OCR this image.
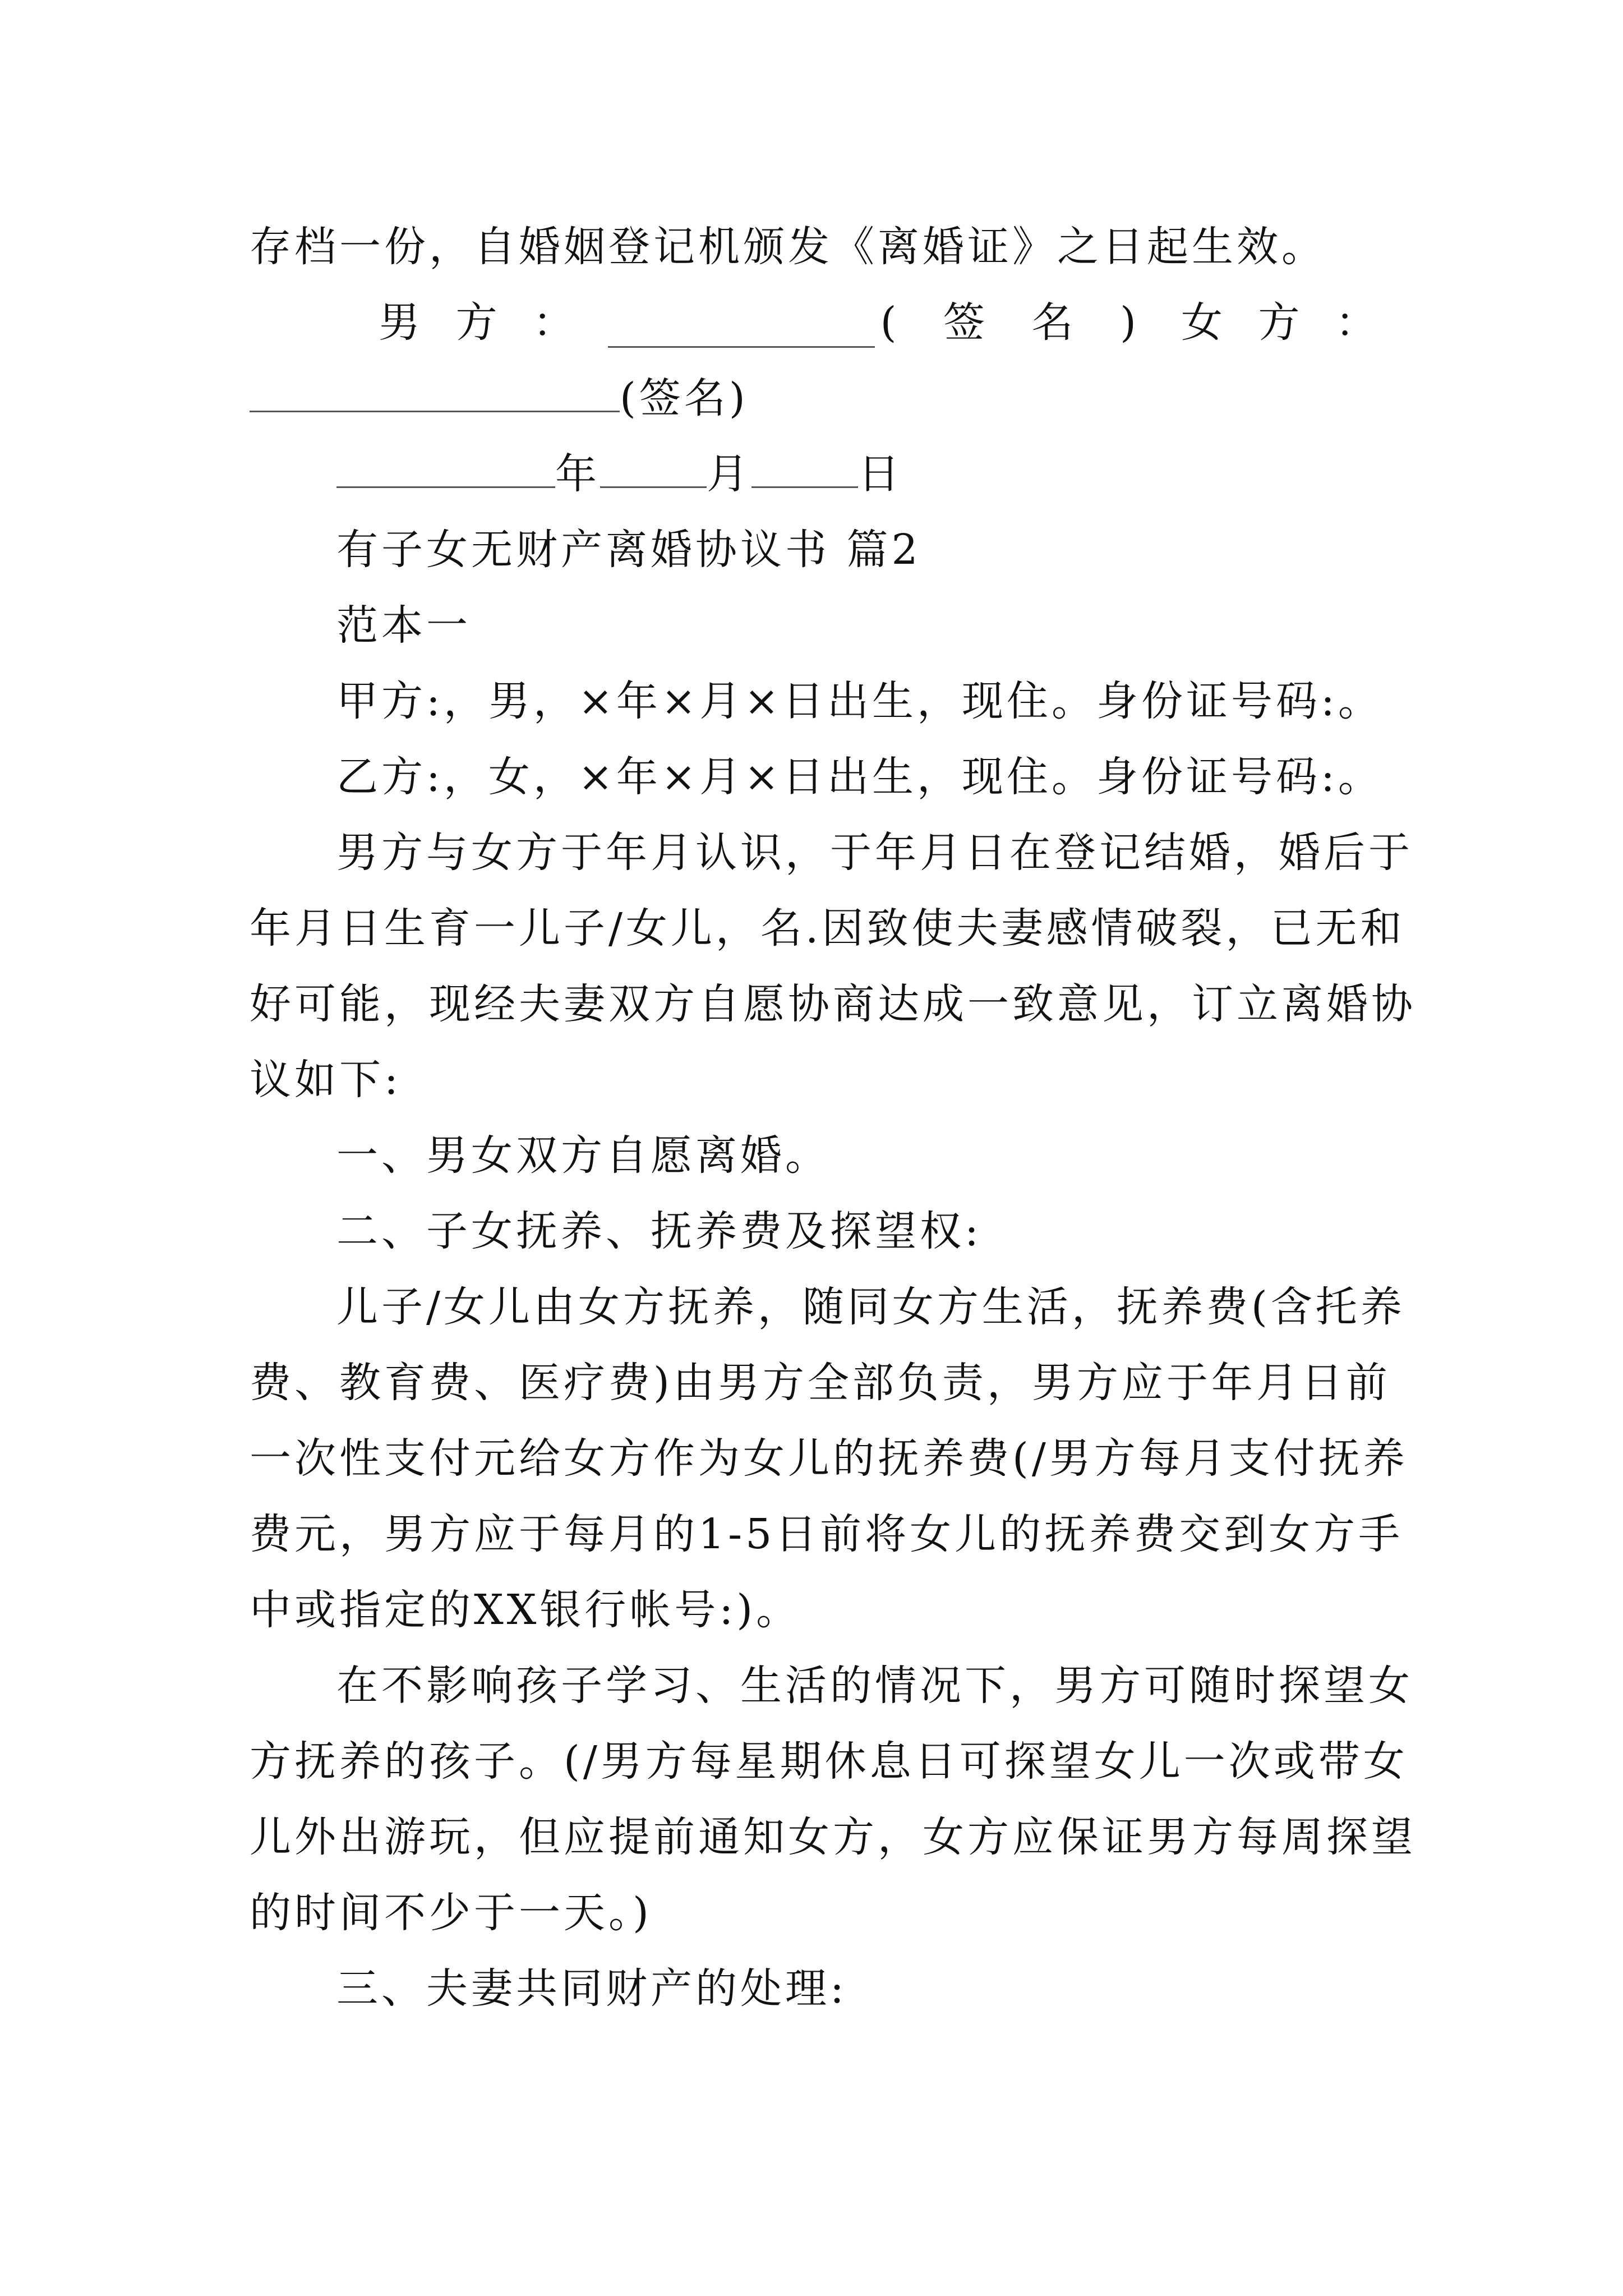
存档一份，自婚姻登记机颁发《离婚证》之日起生效。
男 方 ：	( 签 名 ) 女 方 ：
(签名)
年	月	日
有子女无财产离婚协议书 篇2
范本一
甲方:，男，×年×月×日出生，现住。身份证号码:。
乙方:，女，×年×月×日出生，现住。身份证号码:。
男方与女方于年月认识，于年月日在登记结婚，婚后于
年月日生育一儿子/女儿，名.因致使夫妻感情破裂，已无和
好可能，现经夫妻双方自愿协商达成一致意见，订立离婚协
议如下:
一、男女双方自愿离婚。
二、子女抚养、抚养费及探望权:
儿子/女儿由女方抚养，随同女方生活，抚养费(含托养
费、教育费、医疗费)由男方全部负责，男方应于年月日前
一次性支付元给女方作为女儿的抚养费(/男方每月支付抚养
费元，男方应于每月的1-5日前将女儿的抚养费交到女方手
中或指定的XX银行帐号:)。
在不影响孩子学习、生活的情况下，男方可随时探望女
方抚养的孩子。(/男方每星期休息日可探望女儿一次或带女
儿外出游玩，但应提前通知女方，女方应保证男方每周探望
的时间不少于一天。)
三、夫妻共同财产的处理:
